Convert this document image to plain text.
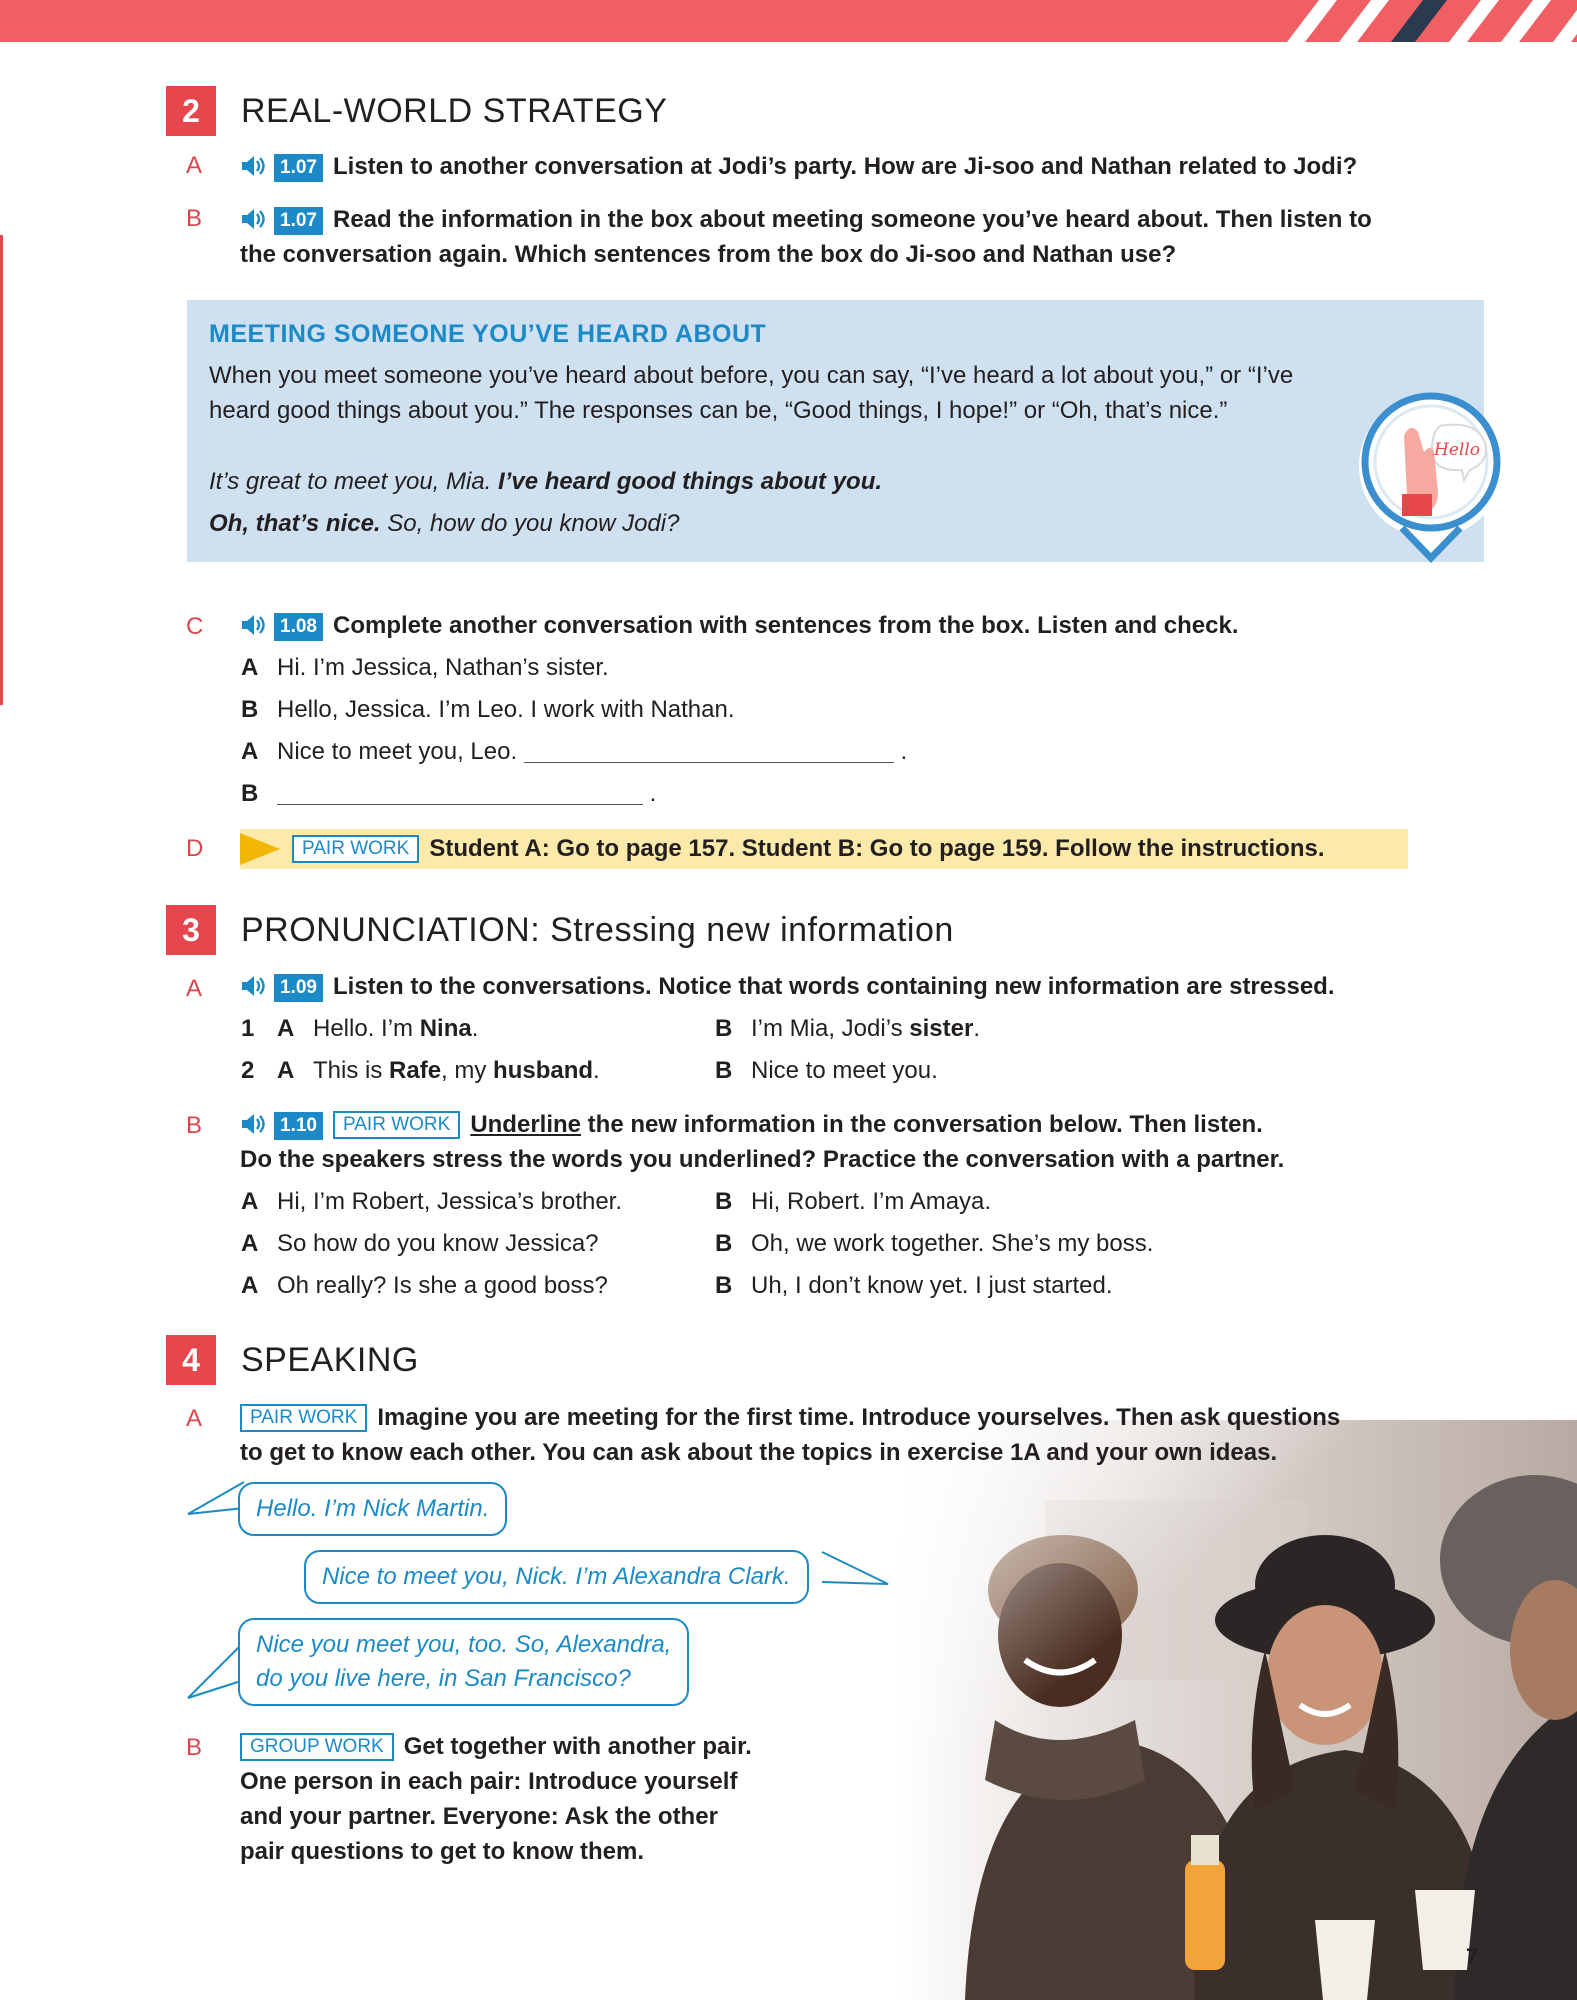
2	REAL-WORLD STRATEGY
A	1.07 Listen to another conversation at Jodi’s party. How are Ji-soo and Nathan related to Jodi?
B	1.07 Read the information in the box about meeting someone you’ve heard about. Then listen to
the conversation again. Which sentences from the box do Ji-soo and Nathan use?
MEETING SOMEONE YOU’VE HEARD ABOUT
When you meet someone you’ve heard about before, you can say, “I’ve heard a lot about you,” or “I’ve heard good things about you.” The responses can be, “Good things, I hope!” or “Oh, that’s nice.”
It’s great to meet you, Mia. I’ve heard good things about you.
Oh, that’s nice. So, how do you know Jodi?
Hello
C	1.08 Complete another conversation with sentences from the box. Listen and check.
A Hi. I’m Jessica, Nathan’s sister.
B Hello, Jessica. I’m Leo. I work with Nathan.
A Nice to meet you, Leo.	.
B	.
D	PAIR WORK Student A: Go to page 157. Student B: Go to page 159. Follow the instructions.
3	PRONUNCIATION: Stressing new information
A	1.09 Listen to the conversations. Notice that words containing new information are stressed.
1 A Hello. I’m Nina.	B I’m Mia, Jodi’s sister.
2 A This is Rafe, my husband.	B Nice to meet you.
B	1.10 PAIR WORK Underline the new information in the conversation below. Then listen.
Do the speakers stress the words you underlined? Practice the conversation with a partner.
A Hi, I’m Robert, Jessica’s brother.	B Hi, Robert. I’m Amaya.
A So how do you know Jessica?	B Oh, we work together. She’s my boss.
A Oh really? Is she a good boss?	B Uh, I don’t know yet. I just started.
4	SPEAKING
A	PAIR WORK Imagine you are meeting for the first time. Introduce yourselves. Then ask questions
to get to know each other. You can ask about the topics in exercise 1A and your own ideas.
Hello. I’m Nick Martin.
Nice to meet you, Nick. I’m Alexandra Clark.
Nice you meet you, too. So, Alexandra,
do you live here, in San Francisco?
B	GROUP WORK Get together with another pair.
One person in each pair: Introduce yourself
and your partner. Everyone: Ask the other
pair questions to get to know them.
7
